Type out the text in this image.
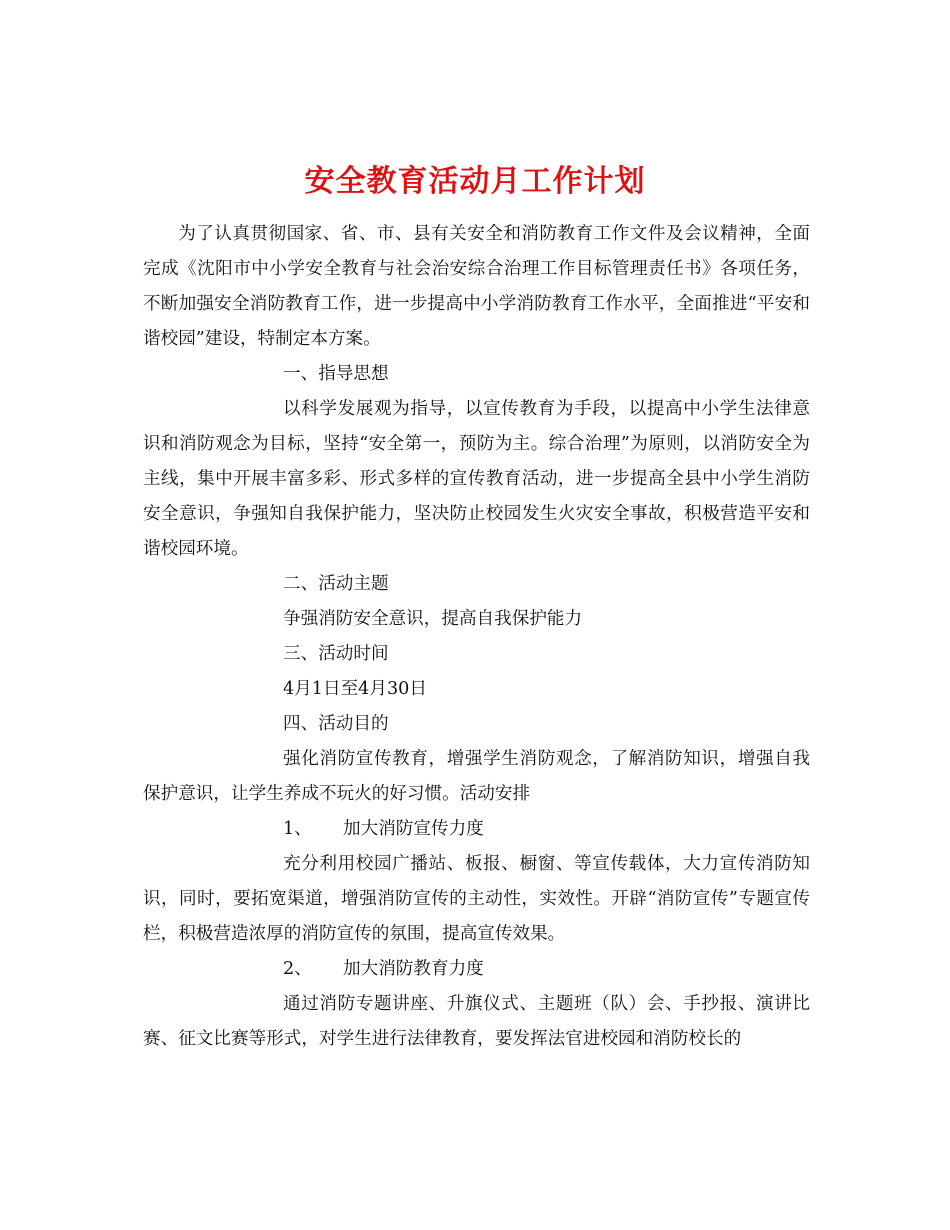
安全教育活动月工作计划

为了认真贯彻国家、省、市、县有关安全和消防教育工作文件及会议精神，全面完成《沈阳市中小学安全教育与社会治安综合治理工作目标管理责任书》各项任务，不断加强安全消防教育工作，进一步提高中小学消防教育工作水平，全面推进“平安和谐校园”建设，特制定本方案。

一、指导思想

以科学发展观为指导，以宣传教育为手段，以提高中小学生法律意识和消防观念为目标，坚持“安全第一，预防为主。综合治理”为原则，以消防安全为主线，集中开展丰富多彩、形式多样的宣传教育活动，进一步提高全县中小学生消防安全意识，争强知自我保护能力，坚决防止校园发生火灾安全事故，积极营造平安和谐校园环境。

二、活动主题

争强消防安全意识，提高自我保护能力

三、活动时间

4月1日至4月30日

四、活动目的

强化消防宣传教育，增强学生消防观念，了解消防知识，增强自我保护意识，让学生养成不玩火的好习惯。活动安排

1、 加大消防宣传力度

充分利用校园广播站、板报、橱窗、等宣传载体，大力宣传消防知识，同时，要拓宽渠道，增强消防宣传的主动性，实效性。开辟“消防宣传”专题宣传栏，积极营造浓厚的消防宣传的氛围，提高宣传效果。

2、 加大消防教育力度

通过消防专题讲座、升旗仪式、主题班（队）会、手抄报、演讲比赛、征文比赛等形式，对学生进行法律教育，要发挥法官进校园和消防校长的
